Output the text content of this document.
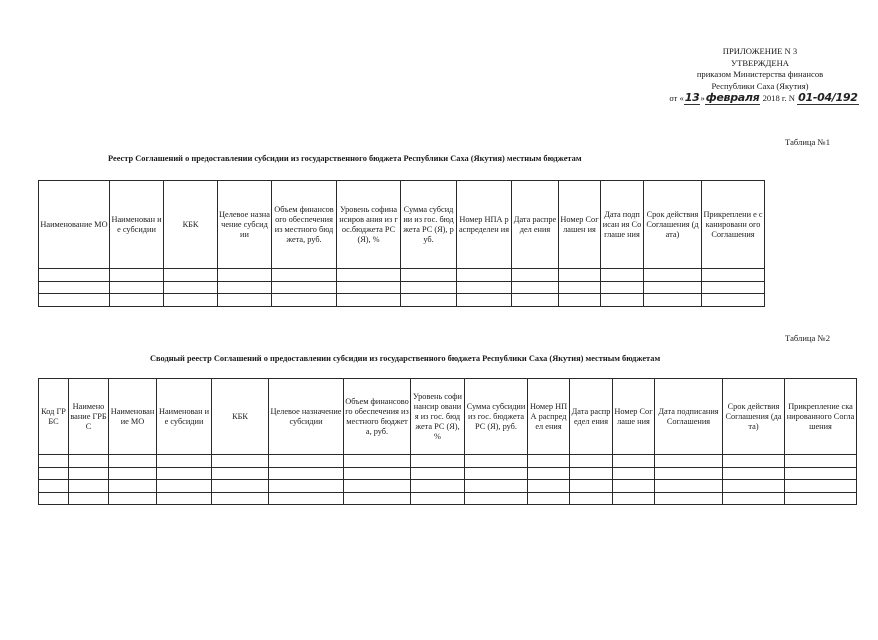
ПРИЛОЖЕНИЕ N 3
УТВЕРЖДЕНА
приказом Министерства финансов
Республики Саха (Якутия)
от «13»февраля 2018 г. N 01-04/192
Таблица №1
Реестр Соглашений о предоставлении субсидии из государственного бюджета Республики Саха (Якутия) местным бюджетам
Наименование МО	Наименован ие субсидии	КБК	Целевое назначение субсидии	Объем финансового обеспечения из местного бюджета, руб.	Уровень софинансиров ания из гос.бюджета РС (Я), %	Сумма субсидии из гос. бюджета РС (Я), руб.	Номер НПА распределен ия	Дата распредел ения	Номер Соглашен ия	Дата подписан ия Соглаше ния	Срок действия Соглашения (дата)	Прикреплени е сканированн ого Соглашения

Таблица №2
Сводный реестр Соглашений о предоставлении субсидии из государственного бюджета Республики Саха (Якутия) местным бюджетам
Код ГРБС	Наимено вание ГРБС	Наименован ие МО	Наименован ие субсидии	КБК	Целевое назначение субсидии	Объем финансового обеспечения из местного бюджета, руб.	Уровень софинансир ования из гос. бюджета РС (Я), %	Сумма субсидии из гос. бюджета РС (Я), руб.	Номер НПА распредел ения	Дата распредел ения	Номер Соглаше ния	Дата подписания Соглашения	Срок действия Соглашения (дата)	Прикрепление сканированного Соглашения
